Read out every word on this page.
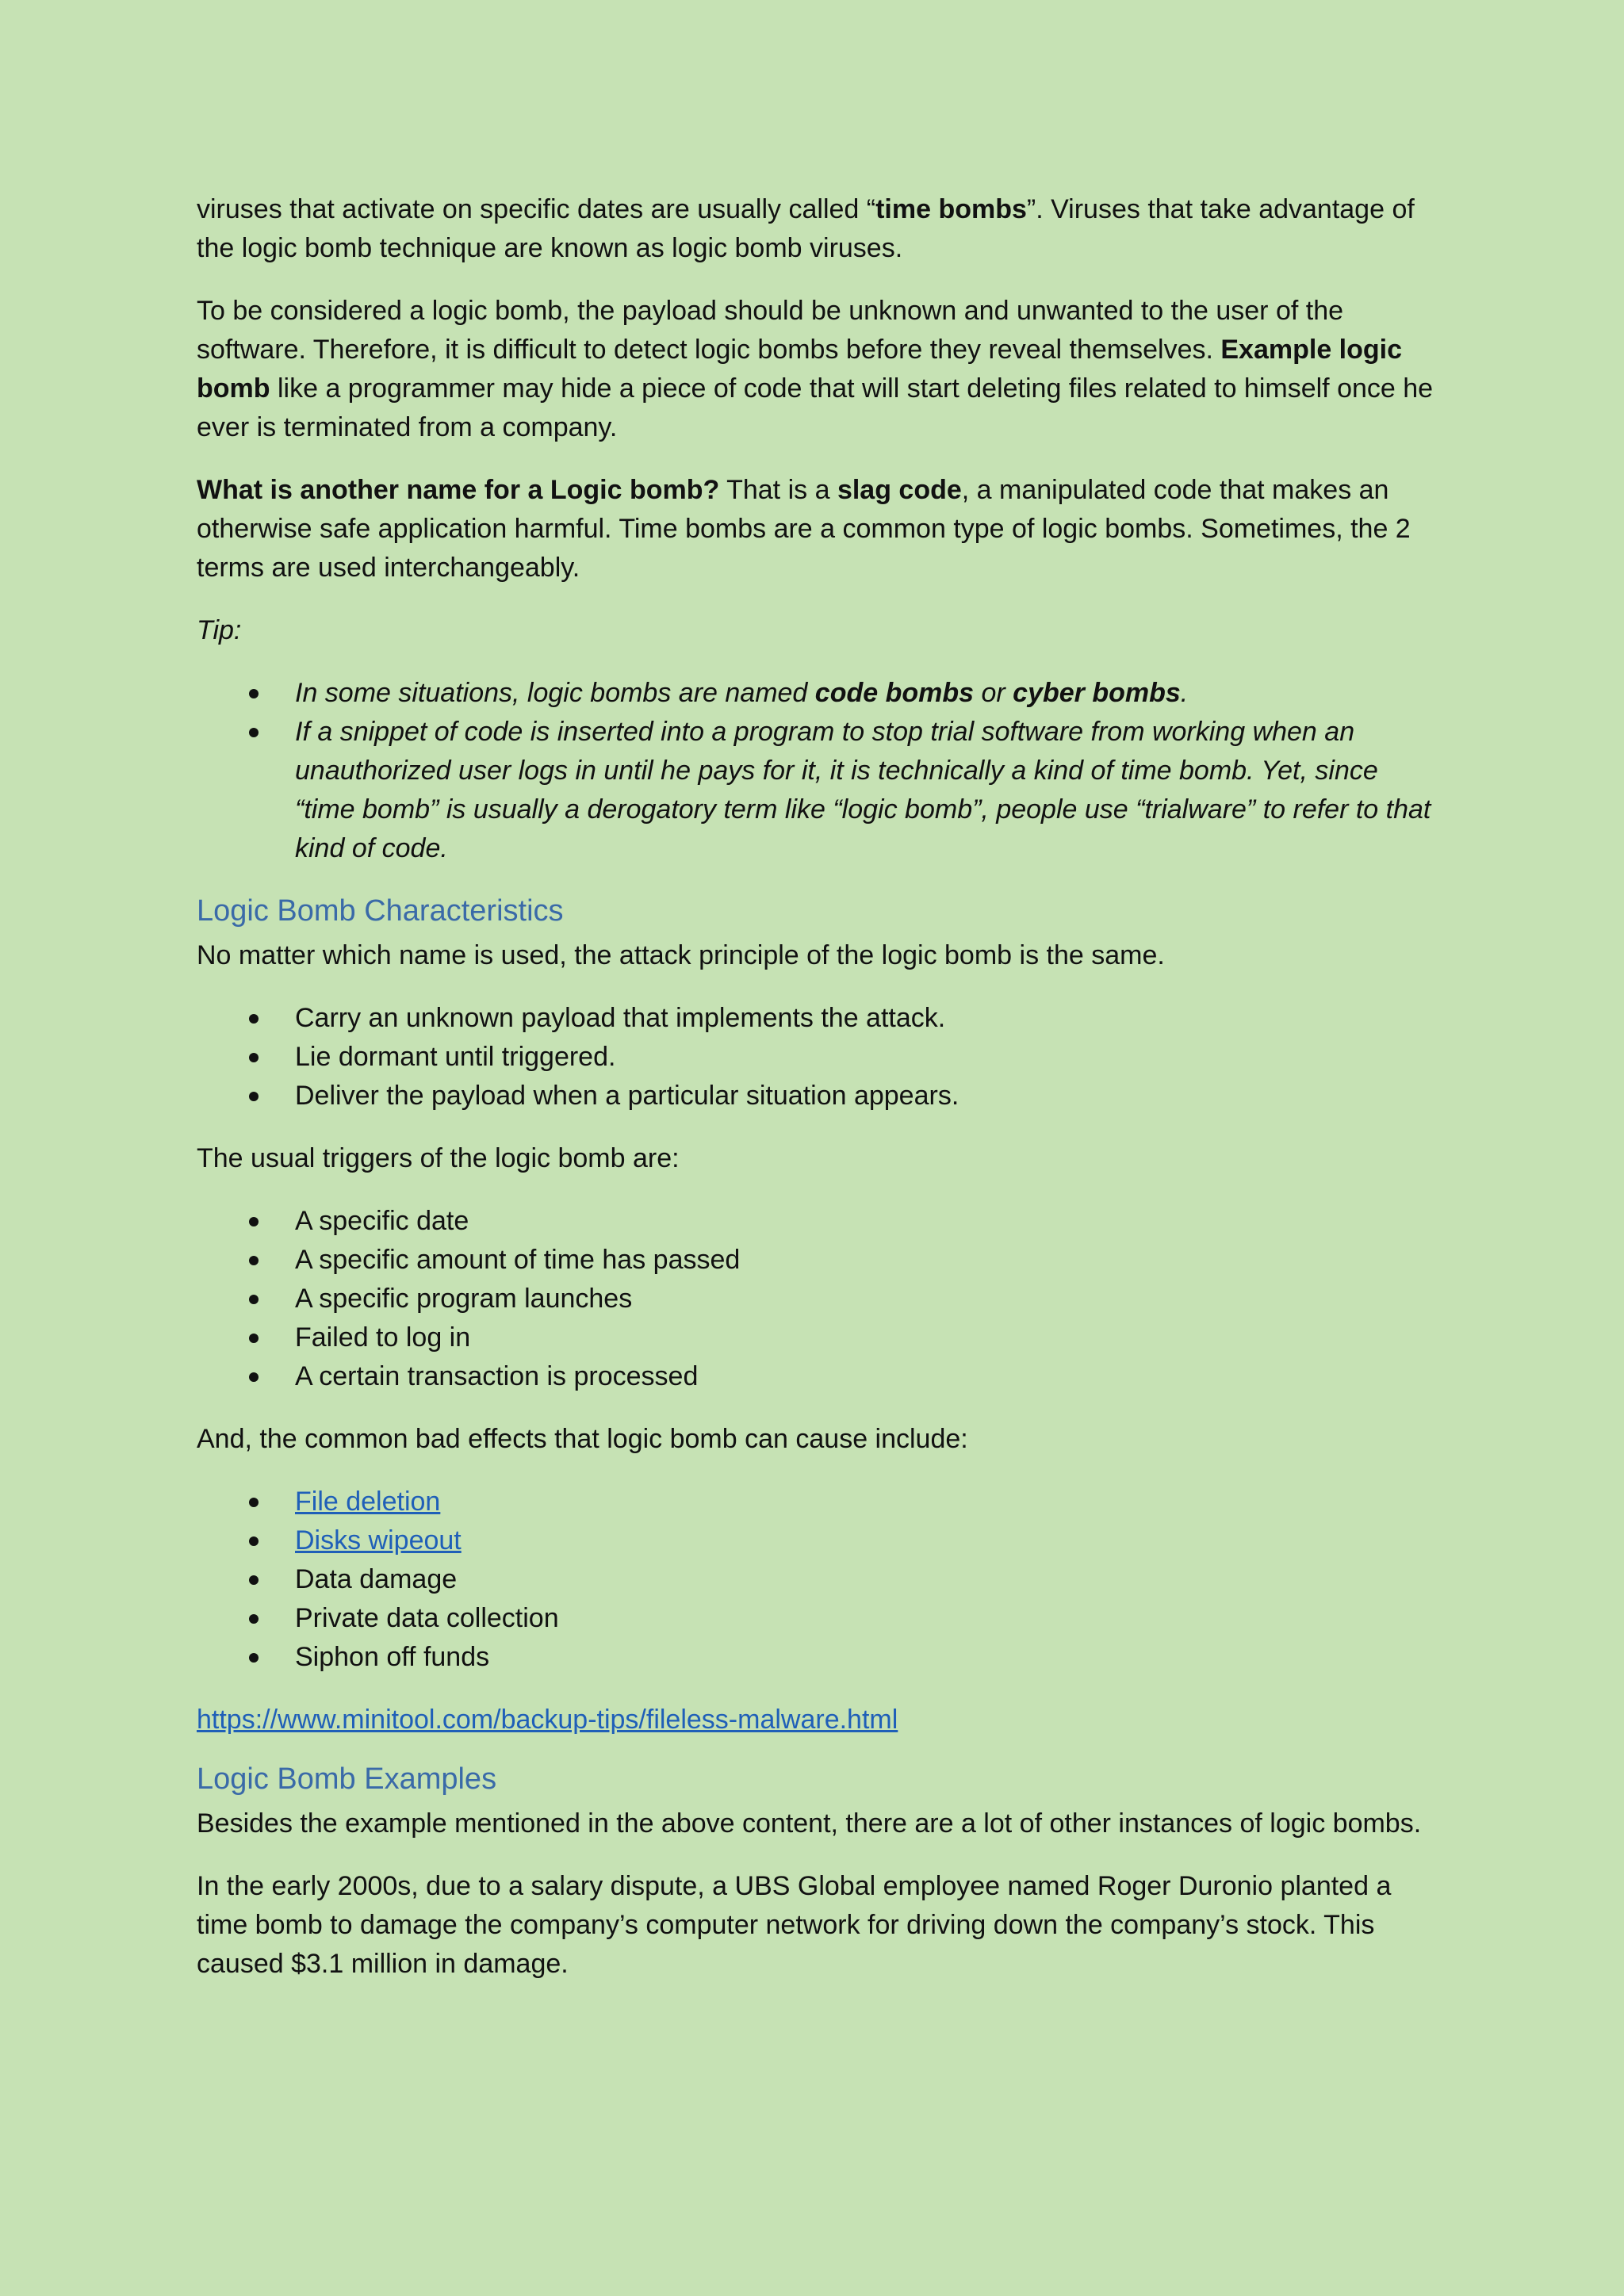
viruses that activate on specific dates are usually called “time bombs”. Viruses that take advantage of the logic bomb technique are known as logic bomb viruses.

To be considered a logic bomb, the payload should be unknown and unwanted to the user of the software. Therefore, it is difficult to detect logic bombs before they reveal themselves. Example logic bomb like a programmer may hide a piece of code that will start deleting files related to himself once he ever is terminated from a company.

What is another name for a Logic bomb? That is a slag code, a manipulated code that makes an otherwise safe application harmful. Time bombs are a common type of logic bombs. Sometimes, the 2 terms are used interchangeably.

Tip:
In some situations, logic bombs are named code bombs or cyber bombs.
If a snippet of code is inserted into a program to stop trial software from working when an unauthorized user logs in until he pays for it, it is technically a kind of time bomb. Yet, since “time bomb” is usually a derogatory term like “logic bomb”, people use “trialware” to refer to that kind of code.
Logic Bomb Characteristics

No matter which name is used, the attack principle of the logic bomb is the same.

Carry an unknown payload that implements the attack.
Lie dormant until triggered.
Deliver the payload when a particular situation appears.

The usual triggers of the logic bomb are:

A specific date
A specific amount of time has passed
A specific program launches
Failed to log in
A certain transaction is processed

And, the common bad effects that logic bomb can cause include:

File deletion
Disks wipeout
Data damage
Private data collection
Siphon off funds

https://www.minitool.com/backup-tips/fileless-malware.html

Logic Bomb Examples

Besides the example mentioned in the above content, there are a lot of other instances of logic bombs.

In the early 2000s, due to a salary dispute, a UBS Global employee named Roger Duronio planted a time bomb to damage the company’s computer network for driving down the company’s stock. This caused $3.1 million in damage.
